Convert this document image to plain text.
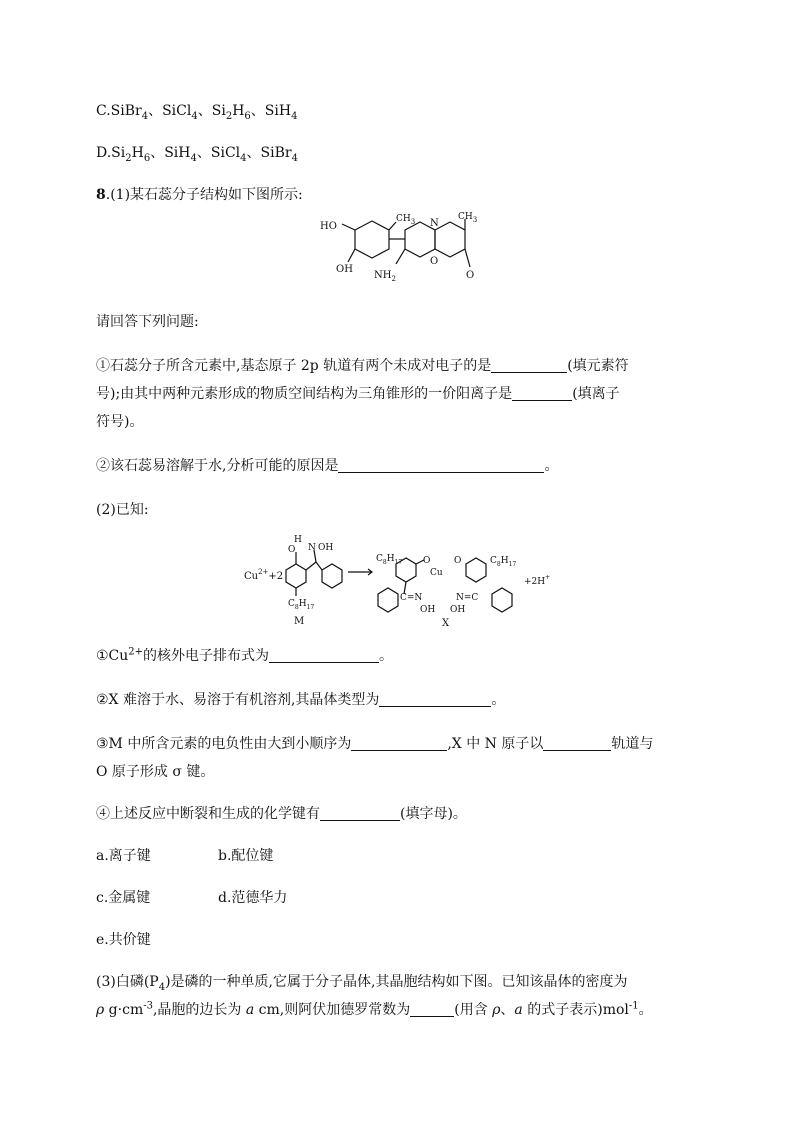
C.SiBr$_4$、SiCl$_4$、$Si_2H_6$、SiH$_4$
$D.Si_2H_6$、SiH$_4$、SiCl$_4$、SiBr$_4$
8.(1)某石蕊分子结构如下图所示:
HO
OH
$CH_3$
$NH_2$
N
O
$CH_3$
O
请回答下列问题:
①石蕊分子所含元素中,基态原子 2p 轨道有两个未成对电子的是	(填元素符
号);由其中两种元素形成的物质空间结构为三角锥形的一价阳离子是	(填离子
符号)。
②该石蕊易溶解于水,分析可能的原因是	。
(2)已知:
$Cu^{2+}+2$
H
O N OH
$C_8H_{17}$
M
$C_8H_{17}$ O
Cu
C=N
OH
O	$C_8H_{17}$
N=C
OH
+2H+
X
$①Cu^{2+}$的核外电子排布式为	。
②X 难溶于水、易溶于有机溶剂,其晶体类型为	。
③M 中所含元素的电负性由大到小顺序为	,X 中 N 原子以	轨道与
O 原子形成 σ 键。
④上述反应中断裂和生成的化学键有	(填字母)。
a.离子键	b.配位键
c.金属键	d.范德华力
e.共价键
(3)白磷$(P_4)$是磷的一种单质,它属于分子晶体,其晶胞结构如下图。已知该晶体的密度为
ρ $g\cdot cm^{-3}$,晶胞的边长为 a cm,则阿伏加德罗常数为	(用含 ρ、a 的式子表示)mol$^{-1}$。
